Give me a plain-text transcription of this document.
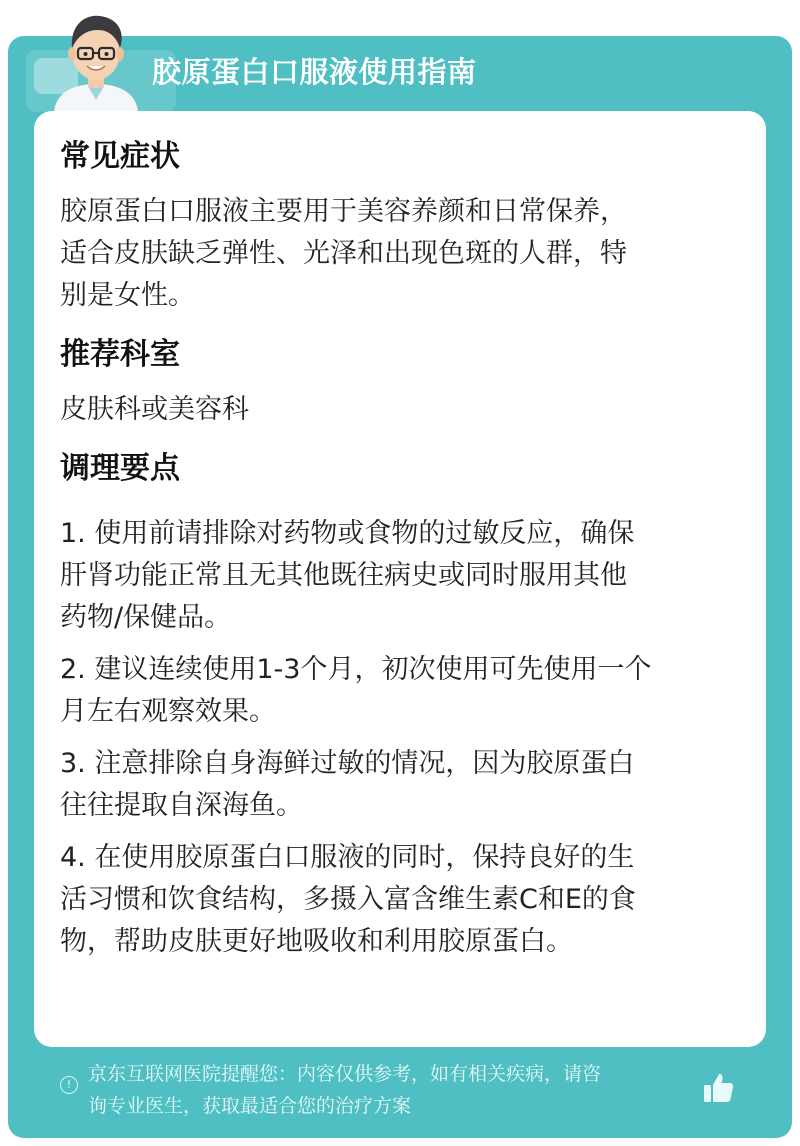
胶原蛋白口服液使用指南
常见症状

胶原蛋白口服液主要用于美容养颜和日常保养，

适合皮肤缺乏弹性、光泽和出现色斑的人群，特

别是女性。

推荐科室

皮肤科或美容科

调理要点

1. 使用前请排除对药物或食物的过敏反应，确保

肝肾功能正常且无其他既往病史或同时服用其他

药物/保健品。

2. 建议连续使用1-3个月，初次使用可先使用一个

月左右观察效果。

3. 注意排除自身海鲜过敏的情况，因为胶原蛋白

往往提取自深海鱼。

4. 在使用胶原蛋白口服液的同时，保持良好的生

活习惯和饮食结构，多摄入富含维生素C和E的食

物，帮助皮肤更好地吸收和利用胶原蛋白。

! 京东互联网医院提醒您：内容仅供参考，如有相关疾病，请咨
询专业医生，获取最适合您的治疗方案
